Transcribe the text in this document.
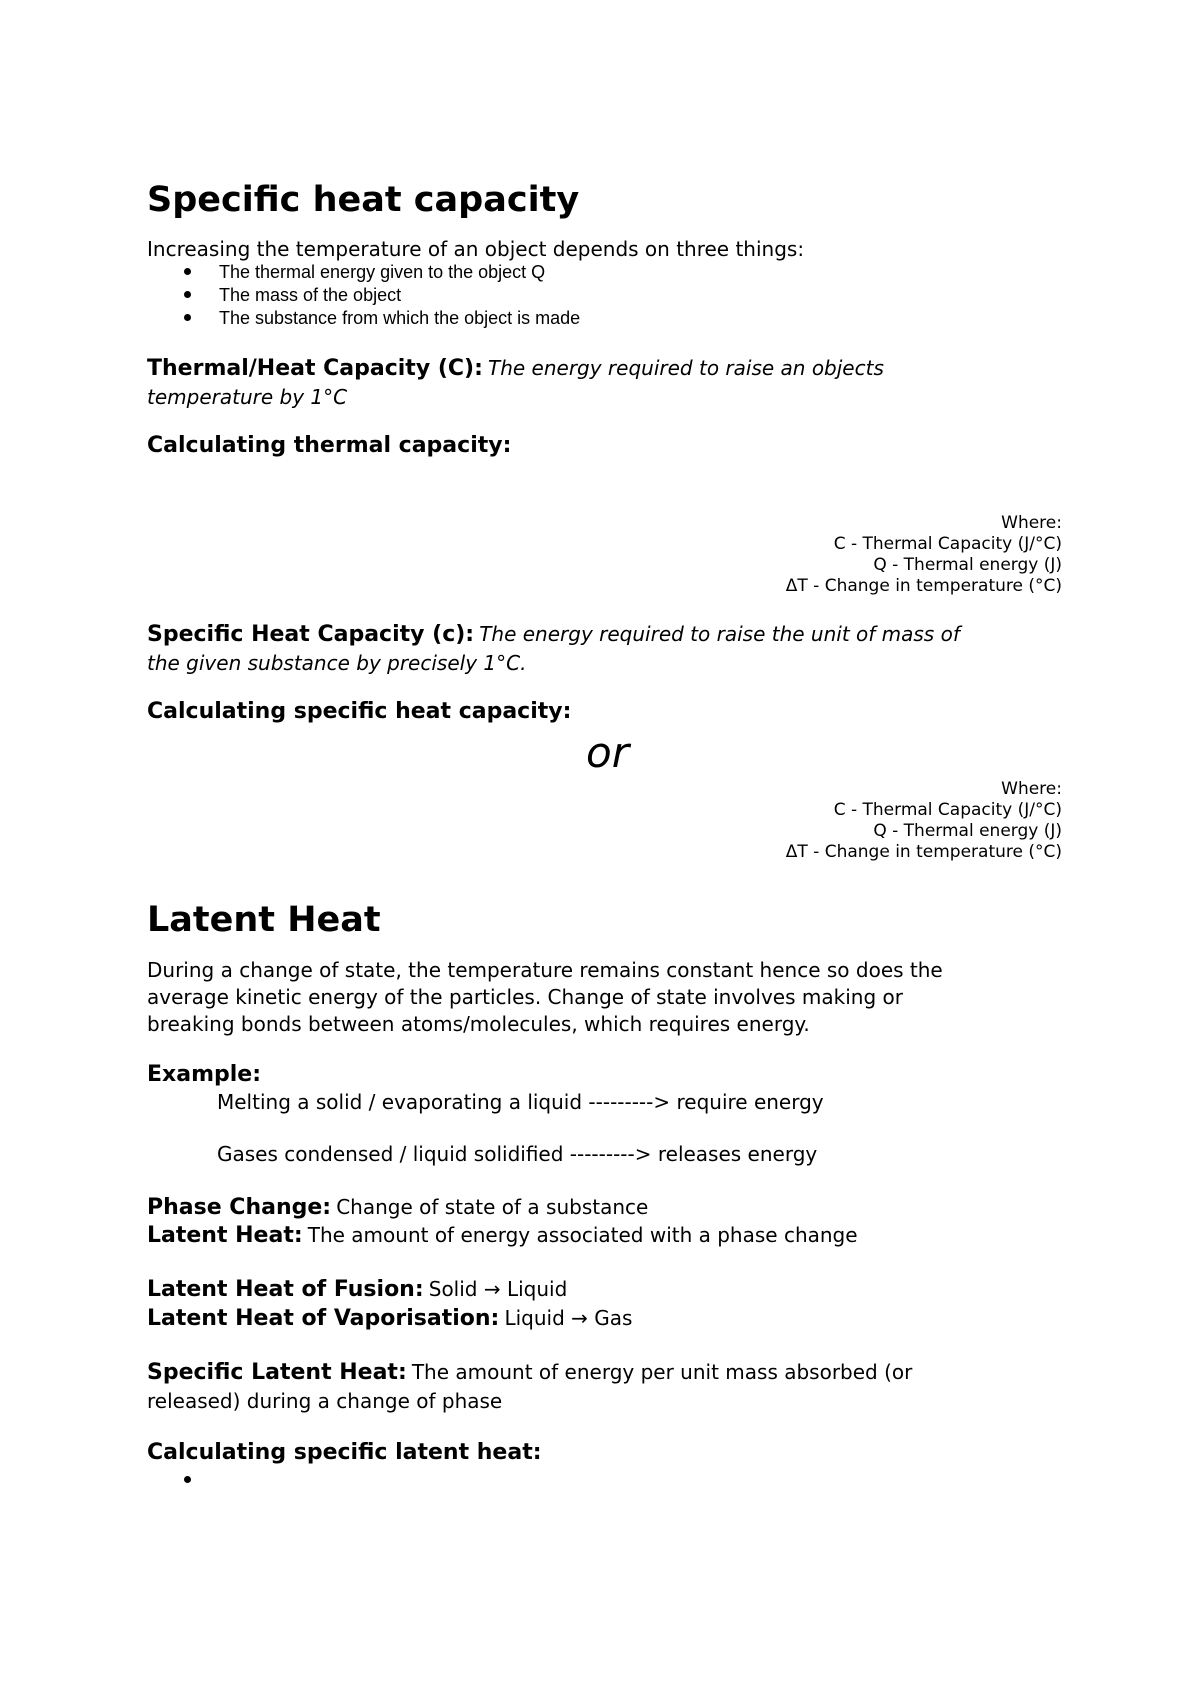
Specific heat capacity
Increasing the temperature of an object depends on three things:
The thermal energy given to the object Q
The mass of the object
The substance from which the object is made
Thermal/Heat Capacity (C): The energy required to raise an objects
temperature by 1°C
Calculating thermal capacity:
Where:
C - Thermal Capacity (J/°C)
Q - Thermal energy (J)
ΔT - Change in temperature (°C)
Specific Heat Capacity (c): The energy required to raise the unit of mass of
the given substance by precisely 1°C.
Calculating specific heat capacity:
or
Where:
C - Thermal Capacity (J/°C)
Q - Thermal energy (J)
ΔT - Change in temperature (°C)
Latent Heat
During a change of state, the temperature remains constant hence so does the
average kinetic energy of the particles. Change of state involves making or
breaking bonds between atoms/molecules, which requires energy.
Example:
Melting a solid / evaporating a liquid ---------> require energy
Gases condensed / liquid solidified ---------> releases energy
Phase Change: Change of state of a substance
Latent Heat: The amount of energy associated with a phase change
Latent Heat of Fusion: Solid → Liquid
Latent Heat of Vaporisation: Liquid → Gas
Specific Latent Heat: The amount of energy per unit mass absorbed (or
released) during a change of phase
Calculating specific latent heat:
